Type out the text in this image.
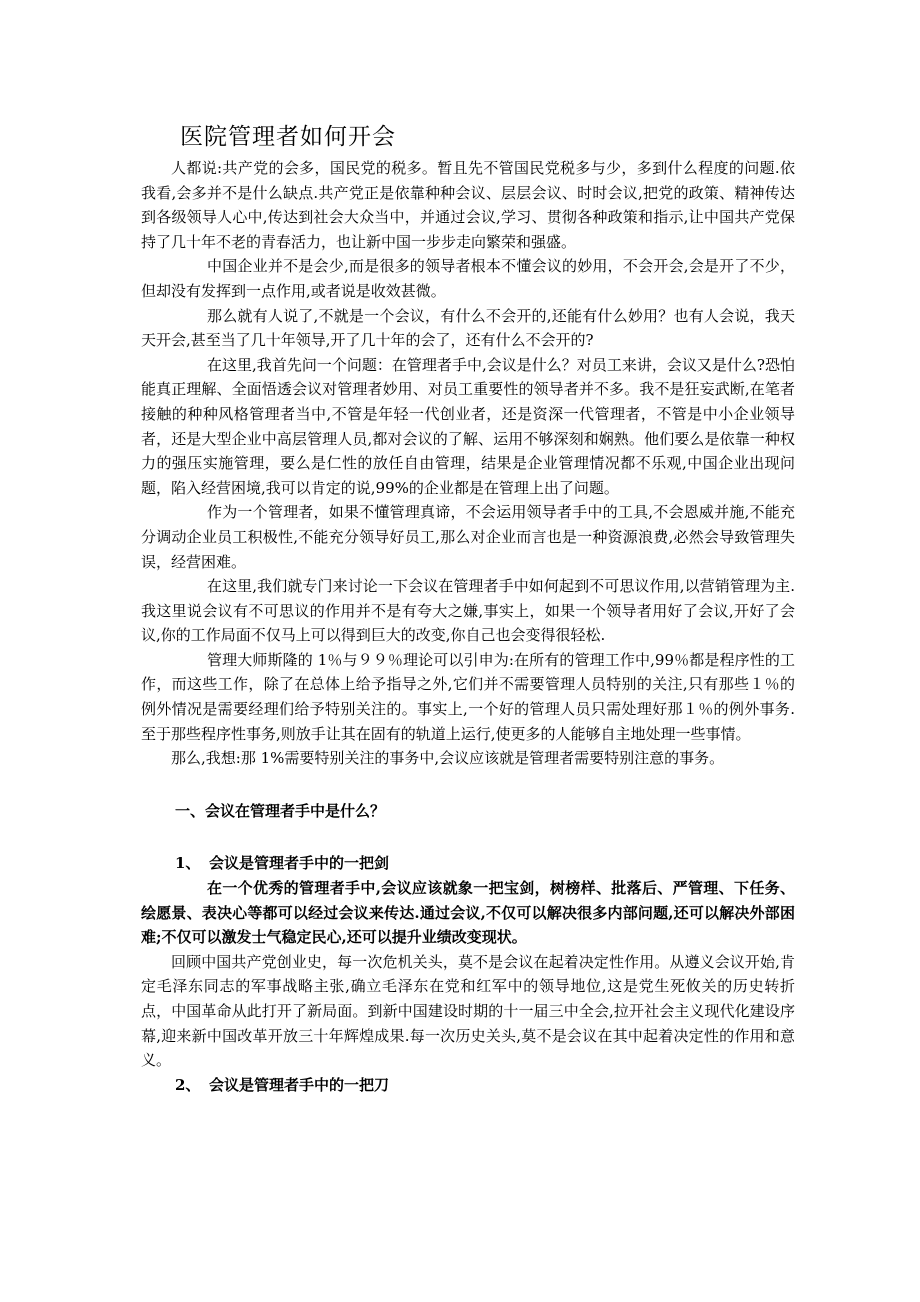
医院管理者如何开会

人都说:共产党的会多，国民党的税多。暂且先不管国民党税多与少，多到什么程度的问题.依我看,会多并不是什么缺点.共产党正是依靠种种会议、层层会议、时时会议,把党的政策、精神传达到各级领导人心中,传达到社会大众当中，并通过会议,学习、贯彻各种政策和指示,让中国共产党保持了几十年不老的青春活力，也让新中国一步步走向繁荣和强盛。

中国企业并不是会少,而是很多的领导者根本不懂会议的妙用，不会开会,会是开了不少，但却没有发挥到一点作用,或者说是收效甚微。

那么就有人说了,不就是一个会议，有什么不会开的,还能有什么妙用？也有人会说，我天天开会,甚至当了几十年领导,开了几十年的会了，还有什么不会开的?

在这里,我首先问一个问题：在管理者手中,会议是什么？对员工来讲，会议又是什么?恐怕能真正理解、全面悟透会议对管理者妙用、对员工重要性的领导者并不多。我不是狂妄武断,在笔者接触的种种风格管理者当中,不管是年轻一代创业者，还是资深一代管理者，不管是中小企业领导者，还是大型企业中高层管理人员,都对会议的了解、运用不够深刻和娴熟。他们要么是依靠一种权力的强压实施管理，要么是仁性的放任自由管理，结果是企业管理情况都不乐观,中国企业出现问题，陷入经营困境,我可以肯定的说,99%的企业都是在管理上出了问题。

作为一个管理者，如果不懂管理真谛，不会运用领导者手中的工具,不会恩威并施,不能充分调动企业员工积极性,不能充分领导好员工,那么对企业而言也是一种资源浪费,必然会导致管理失误，经营困难。

在这里,我们就专门来讨论一下会议在管理者手中如何起到不可思议作用,以营销管理为主.我这里说会议有不可思议的作用并不是有夸大之嫌,事实上，如果一个领导者用好了会议,开好了会议,你的工作局面不仅马上可以得到巨大的改变,你自己也会变得很轻松.

管理大师斯隆的 1％与９９％理论可以引申为:在所有的管理工作中,99％都是程序性的工作，而这些工作，除了在总体上给予指导之外,它们并不需要管理人员特别的关注,只有那些１％的例外情况是需要经理们给予特别关注的。事实上,一个好的管理人员只需处理好那１％的例外事务.至于那些程序性事务,则放手让其在固有的轨道上运行,使更多的人能够自主地处理一些事情。

那么,我想:那 1%需要特别关注的事务中,会议应该就是管理者需要特别注意的事务。

一、会议在管理者手中是什么？

1、 会议是管理者手中的一把剑

在一个优秀的管理者手中,会议应该就象一把宝剑，树榜样、批落后、严管理、下任务、绘愿景、表决心等都可以经过会议来传达.通过会议,不仅可以解决很多内部问题,还可以解决外部困难;不仅可以激发士气稳定民心,还可以提升业绩改变现状。

回顾中国共产党创业史，每一次危机关头，莫不是会议在起着决定性作用。从遵义会议开始,肯定毛泽东同志的军事战略主张,确立毛泽东在党和红军中的领导地位,这是党生死攸关的历史转折点，中国革命从此打开了新局面。到新中国建设时期的十一届三中全会,拉开社会主义现代化建设序幕,迎来新中国改革开放三十年辉煌成果.每一次历史关头,莫不是会议在其中起着决定性的作用和意义。

2、 会议是管理者手中的一把刀
